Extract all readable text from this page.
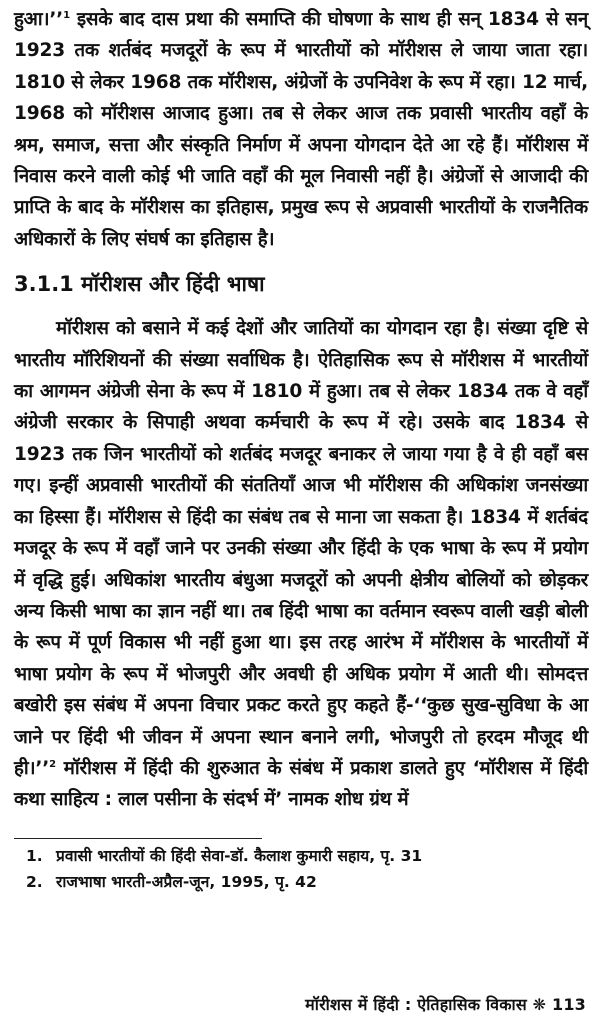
हुआ।’’$^1$ इसके बाद दास प्रथा की समाप्ति की घोषणा के साथ ही सन् 1834 से सन् 1923 तक शर्तबंद मजदूरों के रूप में भारतीयों को मॉरीशस ले जाया जाता रहा। 1810 से लेकर 1968 तक मॉरीशस, अंग्रेजों के उपनिवेश के रूप में रहा। 12 मार्च, 1968 को मॉरीशस आजाद हुआ। तब से लेकर आज तक प्रवासी भारतीय वहाँ के श्रम, समाज, सत्ता और संस्कृति निर्माण में अपना योगदान देते आ रहे हैं। मॉरीशस में निवास करने वाली कोई भी जाति वहाँ की मूल निवासी नहीं है। अंग्रेजों से आजादी की प्राप्ति के बाद के मॉरीशस का इतिहास, प्रमुख रूप से अप्रवासी भारतीयों के राजनैतिक अधिकारों के लिए संघर्ष का इतिहास है।

3.1.1 मॉरीशस और हिंदी भाषा

मॉरीशस को बसाने में कई देशों और जातियों का योगदान रहा है। संख्या दृष्टि से भारतीय मॉरिशियनों की संख्या सर्वाधिक है। ऐतिहासिक रूप से मॉरीशस में भारतीयों का आगमन अंग्रेजी सेना के रूप में 1810 में हुआ। तब से लेकर 1834 तक वे वहाँ अंग्रेजी सरकार के सिपाही अथवा कर्मचारी के रूप में रहे। उसके बाद 1834 से 1923 तक जिन भारतीयों को शर्तबंद मजदूर बनाकर ले जाया गया है वे ही वहाँ बस गए। इन्हीं अप्रवासी भारतीयों की संततियाँ आज भी मॉरीशस की अधिकांश जनसंख्या का हिस्सा हैं। मॉरीशस से हिंदी का संबंध तब से माना जा सकता है। 1834 में शर्तबंद मजदूर के रूप में वहाँ जाने पर उनकी संख्या और हिंदी के एक भाषा के रूप में प्रयोग में वृद्धि हुई। अधिकांश भारतीय बंधुआ मजदूरों को अपनी क्षेत्रीय बोलियों को छोड़कर अन्य किसी भाषा का ज्ञान नहीं था। तब हिंदी भाषा का वर्तमान स्वरूप वाली खड़ी बोली के रूप में पूर्ण विकास भी नहीं हुआ था। इस तरह आरंभ में मॉरीशस के भारतीयों में भाषा प्रयोग के रूप में भोजपुरी और अवधी ही अधिक प्रयोग में आती थी। सोमदत्त बखोरी इस संबंध में अपना विचार प्रकट करते हुए कहते हैं-‘‘कुछ सुख-सुविधा के आ जाने पर हिंदी भी जीवन में अपना स्थान बनाने लगी, भोजपुरी तो हरदम मौजूद थी ही।’’$^2$ मॉरीशस में हिंदी की शुरुआत के संबंध में प्रकाश डालते हुए ‘मॉरीशस में हिंदी कथा साहित्य : लाल पसीना के संदर्भ में’ नामक शोध ग्रंथ में

1. प्रवासी भारतीयों की हिंदी सेवा-डॉ. कैलाश कुमारी सहाय, पृ. 31

2. राजभाषा भारती-अप्रैल-जून, 1995, पृ. 42

मॉरीशस में हिंदी : ऐतिहासिक विकास ❋ 113
